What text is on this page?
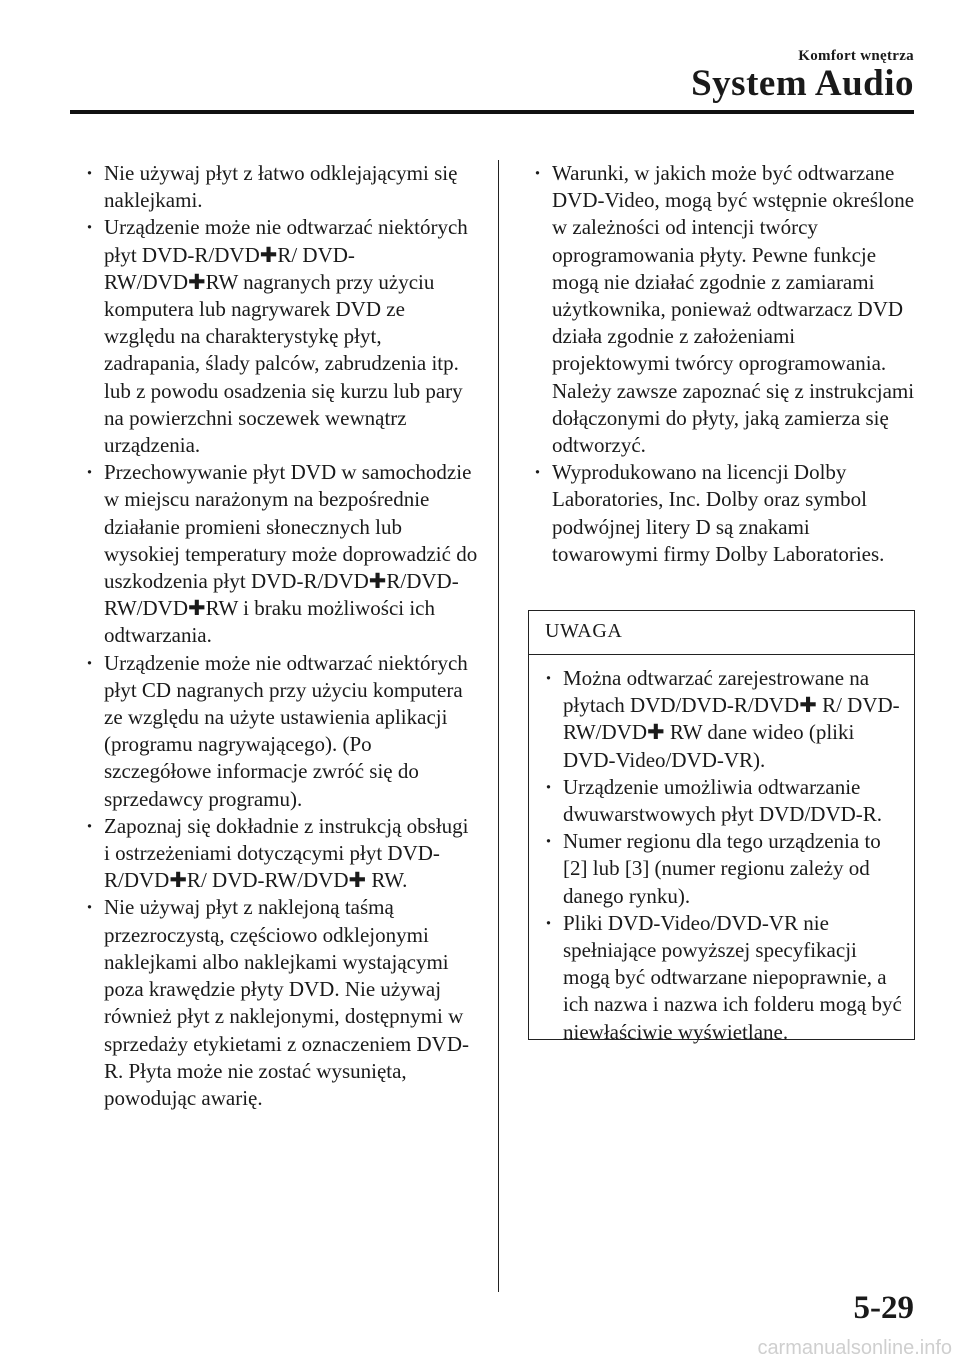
Komfort wnętrza
System Audio
· Nie używaj płyt z łatwo odklejającymi się naklejkami.
· Urządzenie może nie odtwarzać niektórych płyt DVD-R/DVD✚R/ DVD-RW/DVD✚RW nagranych przy użyciu komputera lub nagrywarek DVD ze względu na charakterystykę płyt, zadrapania, ślady palców, zabrudzenia itp. lub z powodu osadzenia się kurzu lub pary na powierzchni soczewek wewnątrz urządzenia.
· Przechowywanie płyt DVD w samochodzie w miejscu narażonym na bezpośrednie działanie promieni słonecznych lub wysokiej temperatury może doprowadzić do uszkodzenia płyt DVD-R/DVD✚R/DVD-RW/DVD✚RW i braku możliwości ich odtwarzania.
· Urządzenie może nie odtwarzać niektórych płyt CD nagranych przy użyciu komputera ze względu na użyte ustawienia aplikacji (programu nagrywającego). (Po szczegółowe informacje zwróć się do sprzedawcy programu).
· Zapoznaj się dokładnie z instrukcją obsługi i ostrzeżeniami dotyczącymi płyt DVD-R/DVD✚R/ DVD-RW/DVD✚ RW.
· Nie używaj płyt z naklejoną taśmą przezroczystą, częściowo odklejonymi naklejkami albo naklejkami wystającymi poza krawędzie płyty DVD. Nie używaj również płyt z naklejonymi, dostępnymi w sprzedaży etykietami z oznaczeniem DVD-R. Płyta może nie zostać wysunięta, powodując awarię.
· Warunki, w jakich może być odtwarzane DVD-Video, mogą być wstępnie określone w zależności od intencji twórcy oprogramowania płyty. Pewne funkcje mogą nie działać zgodnie z zamiarami użytkownika, ponieważ odtwarzacz DVD działa zgodnie z założeniami projektowymi twórcy oprogramowania. Należy zawsze zapoznać się z instrukcjami dołączonymi do płyty, jaką zamierza się odtworzyć.
· Wyprodukowano na licencji Dolby Laboratories, Inc. Dolby oraz symbol podwójnej litery D są znakami towarowymi firmy Dolby Laboratories.
UWAGA
· Można odtwarzać zarejestrowane na płytach DVD/DVD-R/DVD✚ R/ DVD-RW/DVD✚ RW dane wideo (pliki DVD-Video/DVD-VR).
· Urządzenie umożliwia odtwarzanie dwuwarstwowych płyt DVD/DVD-R.
· Numer regionu dla tego urządzenia to [2] lub [3] (numer regionu zależy od danego rynku).
· Pliki DVD-Video/DVD-VR nie spełniające powyższej specyfikacji mogą być odtwarzane niepoprawnie, a ich nazwa i nazwa ich folderu mogą być niewłaściwie wyświetlane.
5-29
carmanualsonline.info
